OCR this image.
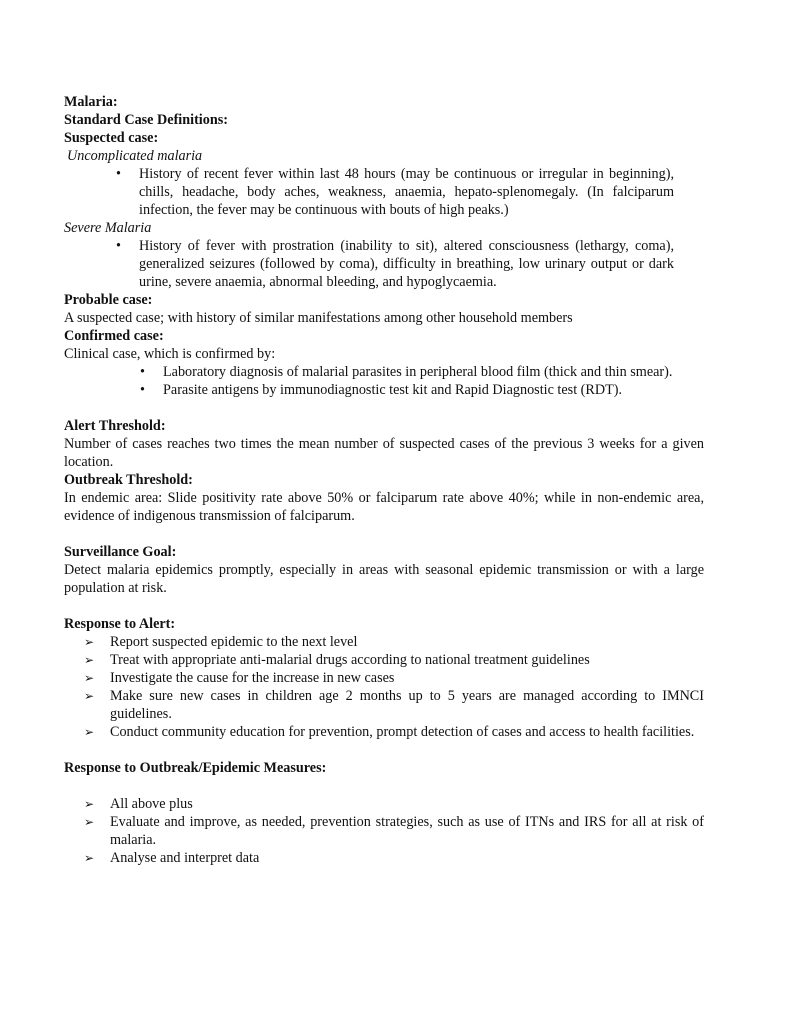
Malaria:

Standard Case Definitions:

Suspected case:

Uncomplicated malaria

• History of recent fever within last 48 hours (may be continuous or irregular in beginning), chills, headache, body aches, weakness, anaemia, hepato-splenomegaly. (In falciparum infection, the fever may be continuous with bouts of high peaks.)

Severe Malaria

• History of fever with prostration (inability to sit), altered consciousness (lethargy, coma), generalized seizures (followed by coma), difficulty in breathing, low urinary output or dark urine, severe anaemia, abnormal bleeding, and hypoglycaemia.

Probable case:

A suspected case; with history of similar manifestations among other household members

Confirmed case:

Clinical case, which is confirmed by:

• Laboratory diagnosis of malarial parasites in peripheral blood film (thick and thin smear).
• Parasite antigens by immunodiagnostic test kit and Rapid Diagnostic test (RDT).

Alert Threshold:

Number of cases reaches two times the mean number of suspected cases of the previous 3 weeks for a given location.

Outbreak Threshold:

In endemic area: Slide positivity rate above 50% or falciparum rate above 40%; while in non-endemic area, evidence of indigenous transmission of falciparum.

Surveillance Goal:

Detect malaria epidemics promptly, especially in areas with seasonal epidemic transmission or with a large population at risk.

Response to Alert:

➢ Report suspected epidemic to the next level
➢ Treat with appropriate anti-malarial drugs according to national treatment guidelines
➢ Investigate the cause for the increase in new cases
➢ Make sure new cases in children age 2 months up to 5 years are managed according to IMNCI guidelines.
➢ Conduct community education for prevention, prompt detection of cases and access to health facilities.

Response to Outbreak/Epidemic Measures:

➢ All above plus
➢ Evaluate and improve, as needed, prevention strategies, such as use of ITNs and IRS for all at risk of malaria.
➢ Analyse and interpret data
